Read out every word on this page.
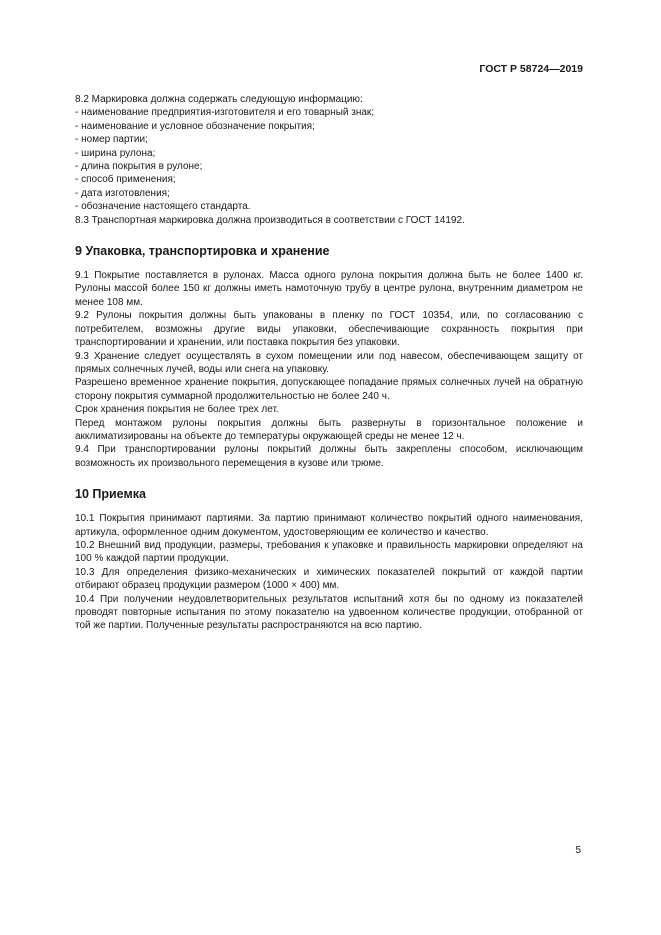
ГОСТ Р 58724—2019

8.2 Маркировка должна содержать следующую информацию:

- наименование предприятия-изготовителя и его товарный знак;

- наименование и условное обозначение покрытия;

- номер партии;

- ширина рулона;

- длина покрытия в рулоне;

- способ применения;

- дата изготовления;

- обозначение настоящего стандарта.

8.3 Транспортная маркировка должна производиться в соответствии с ГОСТ 14192.

9 Упаковка, транспортировка и хранение

9.1 Покрытие поставляется в рулонах. Масса одного рулона покрытия должна быть не более 1400 кг. Рулоны массой более 150 кг должны иметь намоточную трубу в центре рулона, внутренним диаметром не менее 108 мм.

9.2 Рулоны покрытия должны быть упакованы в пленку по ГОСТ 10354, или, по согласованию с потребителем, возможны другие виды упаковки, обеспечивающие сохранность покрытия при транспортировании и хранении, или поставка покрытия без упаковки.

9.3 Хранение следует осуществлять в сухом помещении или под навесом, обеспечивающем защиту от прямых солнечных лучей, воды или снега на упаковку.

Разрешено временное хранение покрытия, допускающее попадание прямых солнечных лучей на обратную сторону покрытия суммарной продолжительностью не более 240 ч.

Срок хранения покрытия не более трех лет.

Перед монтажом рулоны покрытия должны быть развернуты в горизонтальное положение и акклиматизированы на объекте до температуры окружающей среды не менее 12 ч.

9.4 При транспортировании рулоны покрытий должны быть закреплены способом, исключающим возможность их произвольного перемещения в кузове или трюме.

10 Приемка

10.1 Покрытия принимают партиями. За партию принимают количество покрытий одного наименования, артикула, оформленное одним документом, удостоверяющим ее количество и качество.

10.2 Внешний вид продукции, размеры, требования к упаковке и правильность маркировки определяют на 100 % каждой партии продукции.

10.3 Для определения физико-механических и химических показателей покрытий от каждой партии отбирают образец продукции размером (1000 × 400) мм.

10.4 При получении неудовлетворительных результатов испытаний хотя бы по одному из показателей проводят повторные испытания по этому показателю на удвоенном количестве продукции, отобранной от той же партии. Полученные результаты распространяются на всю партию.

5
